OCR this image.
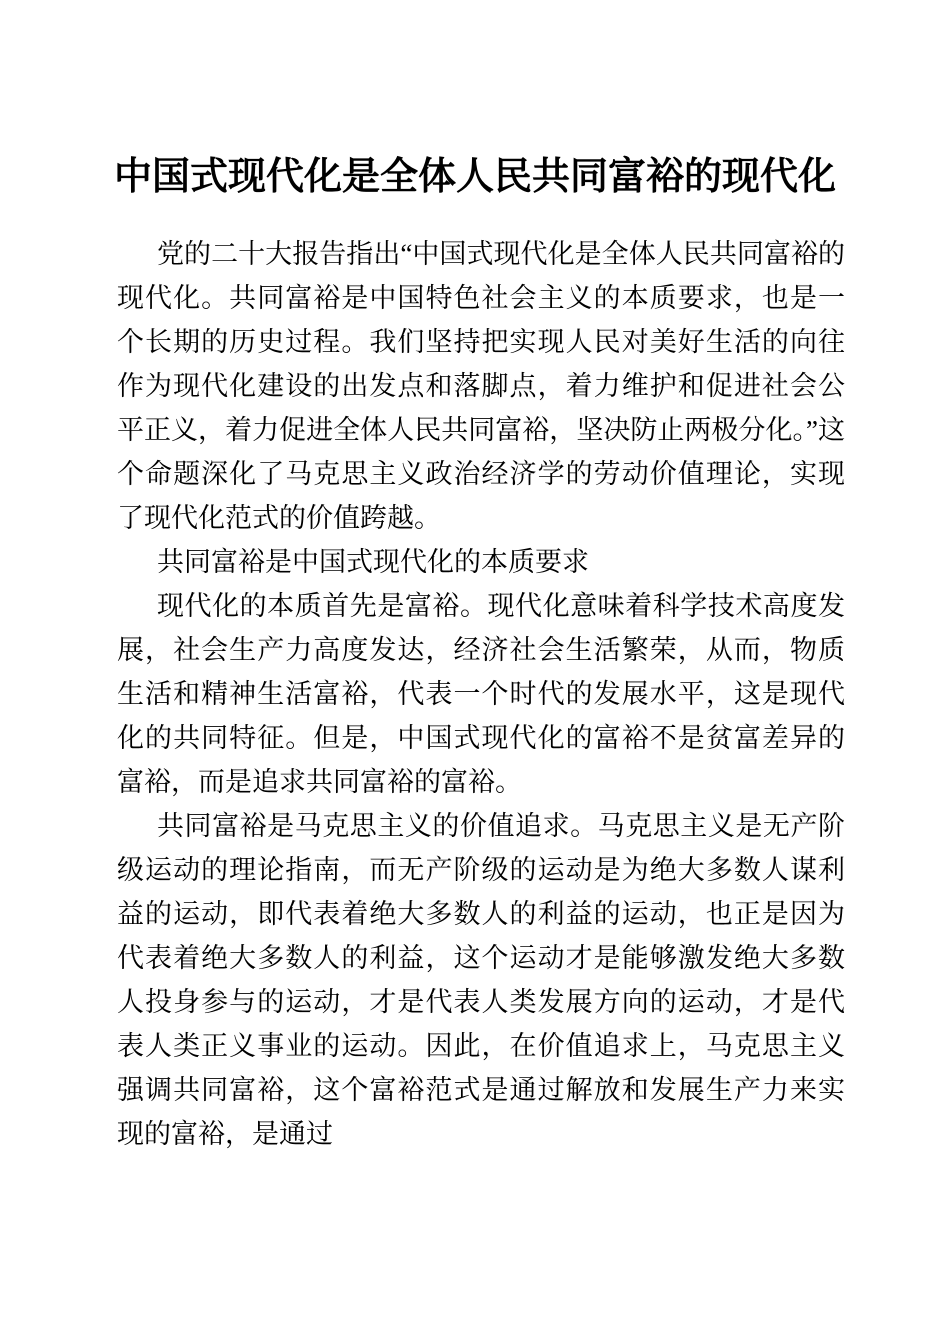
中国式现代化是全体人民共同富裕的现代化

党的二十大报告指出“中国式现代化是全体人民共同富裕的现代化。共同富裕是中国特色社会主义的本质要求，也是一个长期的历史过程。我们坚持把实现人民对美好生活的向往作为现代化建设的出发点和落脚点，着力维护和促进社会公平正义，着力促进全体人民共同富裕，坚决防止两极分化。”这个命题深化了马克思主义政治经济学的劳动价值理论，实现了现代化范式的价值跨越。

共同富裕是中国式现代化的本质要求

现代化的本质首先是富裕。现代化意味着科学技术高度发展，社会生产力高度发达，经济社会生活繁荣，从而，物质生活和精神生活富裕，代表一个时代的发展水平，这是现代化的共同特征。但是，中国式现代化的富裕不是贫富差异的富裕，而是追求共同富裕的富裕。

共同富裕是马克思主义的价值追求。马克思主义是无产阶级运动的理论指南，而无产阶级的运动是为绝大多数人谋利益的运动，即代表着绝大多数人的利益的运动，也正是因为代表着绝大多数人的利益，这个运动才是能够激发绝大多数人投身参与的运动，才是代表人类发展方向的运动，才是代表人类正义事业的运动。因此，在价值追求上，马克思主义强调共同富裕，这个富裕范式是通过解放和发展生产力来实现的富裕，是通过
